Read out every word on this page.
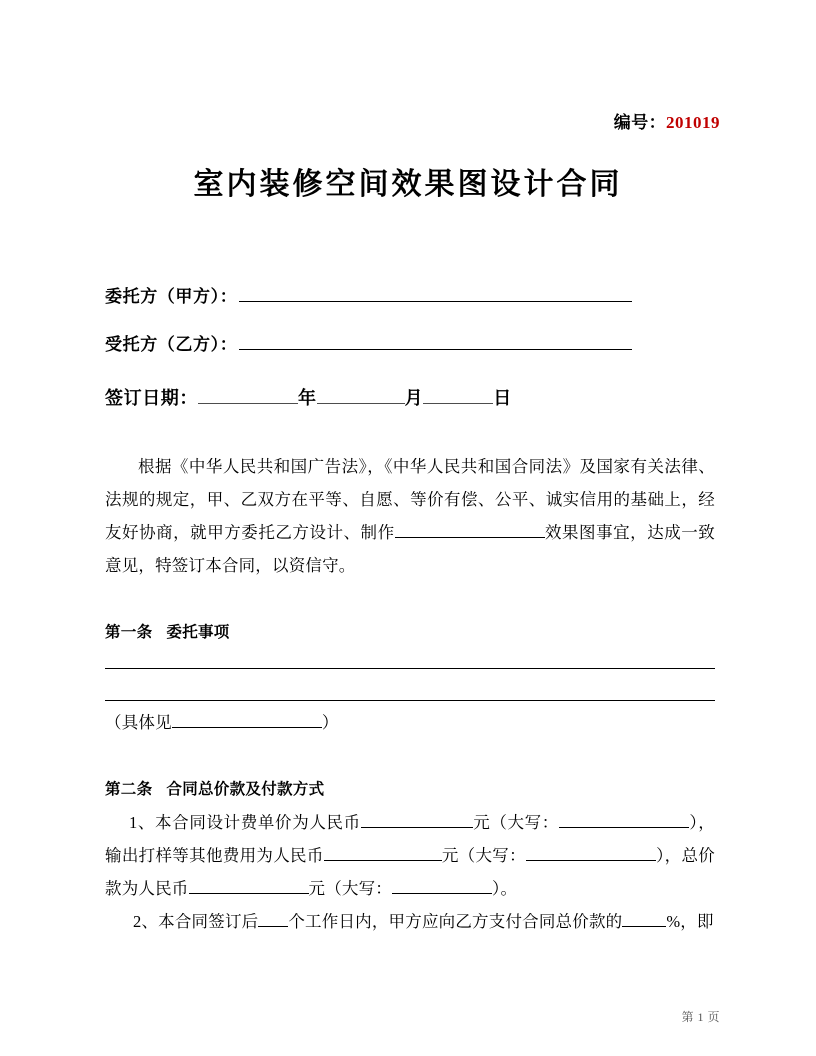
编号：201019
室内装修空间效果图设计合同
委托方（甲方）：
受托方（乙方）：
签订日期：	年	月	日
根据《中华人民共和国广告法》，《中华人民共和国合同法》及国家有关法律、法规的规定，甲、乙双方在平等、自愿、等价有偿、公平、诚实信用的基础上，经友好协商，就甲方委托乙方设计、制作	效果图事宜，达成一致意见，特签订本合同，以资信守。
第一条 委托事项
（具体见	）
第二条 合同总价款及付款方式
1、本合同设计费单价为人民币	元（大写：	），输出打样等其他费用为人民币	元（大写：	），总价款为人民币	元（大写：	）。
2、本合同签订后 个工作日内，甲方应向乙方支付合同总价款的	%，即
第 1 页
